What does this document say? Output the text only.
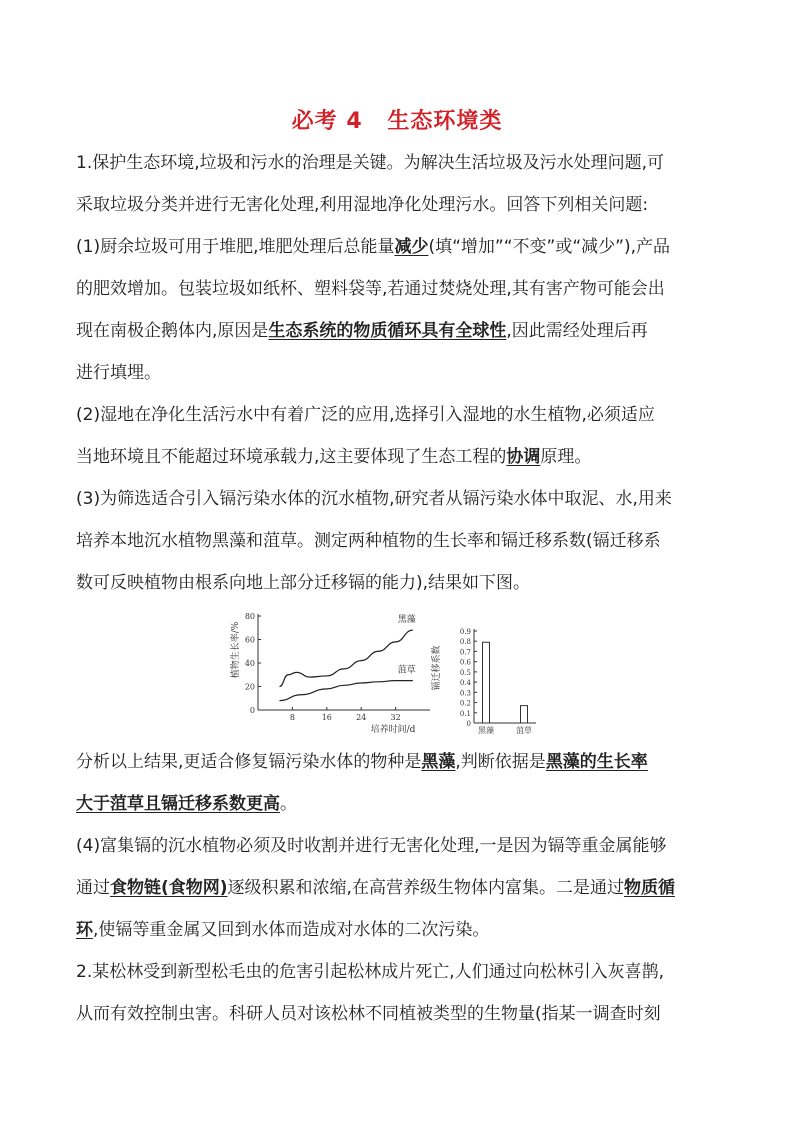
必考 4 生态环境类
1.保护生态环境,垃圾和污水的治理是关键。为解决生活垃圾及污水处理问题,可
采取垃圾分类并进行无害化处理,利用湿地净化处理污水。回答下列相关问题:
(1)厨余垃圾可用于堆肥,堆肥处理后总能量减少(填“增加”“不变”或“减少”),产品
的肥效增加。包装垃圾如纸杯、塑料袋等,若通过焚烧处理,其有害产物可能会出
现在南极企鹅体内,原因是生态系统的物质循环具有全球性,因此需经处理后再
进行填埋。
(2)湿地在净化生活污水中有着广泛的应用,选择引入湿地的水生植物,必须适应
当地环境且不能超过环境承载力,这主要体现了生态工程的协调原理。
(3)为筛选适合引入镉污染水体的沉水植物,研究者从镉污染水体中取泥、水,用来
培养本地沉水植物黑藻和菹草。测定两种植物的生长率和镉迁移系数(镉迁移系
数可反映植物由根系向地上部分迁移镉的能力),结果如下图。
植物生长率/%
培养时间/d
0
20
40
60
80
8	16	24	32
黑藻
菹草 镉迁移系数
0
0.1
0.2
0.3
0.4
0.5
0.6
0.7
0.8
0.9
黑藻	菹草
分析以上结果,更适合修复镉污染水体的物种是黑藻,判断依据是黑藻的生长率
大于菹草且镉迁移系数更高。
(4)富集镉的沉水植物必须及时收割并进行无害化处理,一是因为镉等重金属能够
通过食物链(食物网)逐级积累和浓缩,在高营养级生物体内富集。二是通过物质循
环,使镉等重金属又回到水体而造成对水体的二次污染。
2.某松林受到新型松毛虫的危害引起松林成片死亡,人们通过向松林引入灰喜鹊,
从而有效控制虫害。科研人员对该松林不同植被类型的生物量(指某一调查时刻
